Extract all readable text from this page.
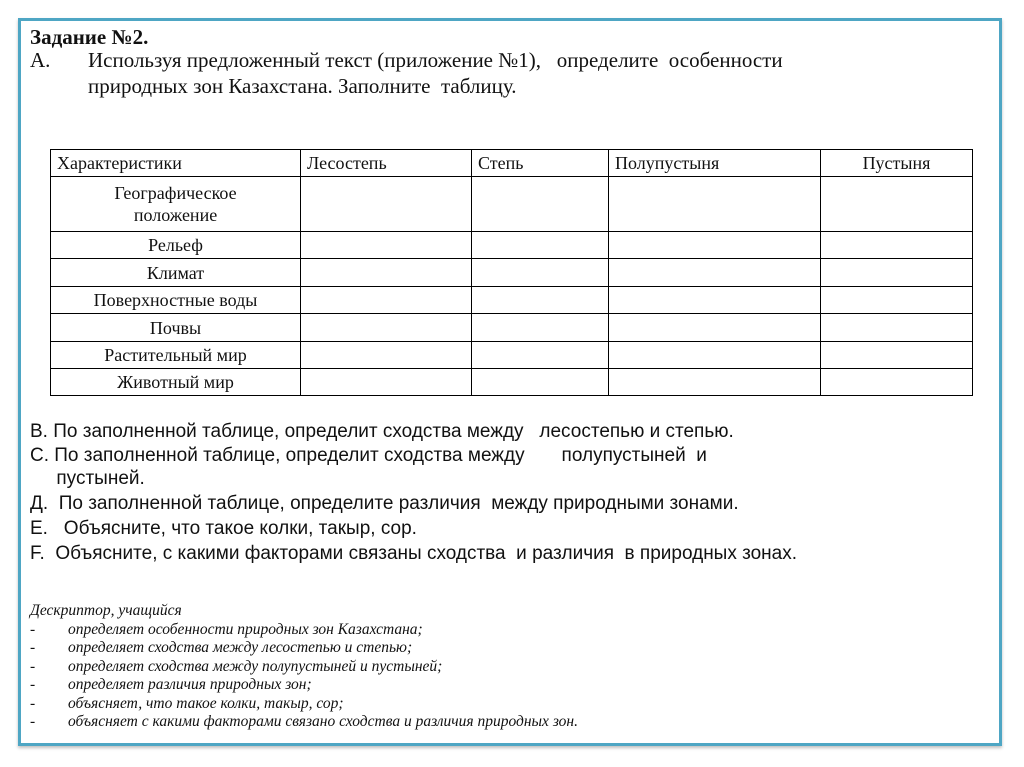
Задание №2.
А. Используя предложенный текст (приложение №1),   определите  особенности
природных зон Казахстана. Заполните  таблицу.
Характеристики	Лесостепь	Степь	Полупустыня	Пустыня
Географическое положение				
Рельеф				
Климат				
Поверхностные воды				
Почвы				
Растительный мир				
Животный мир				
В. По заполненной таблице, определит сходства между   лесостепью и степью.
С. По заполненной таблице, определит сходства между       полупустыней  и
пустыней.
Д.  По заполненной таблице, определите различия  между природными зонами.
Е.   Объясните, что такое колки, такыр, сор.
F.  Объясните, с какими факторами связаны сходства  и различия  в природных зонах.
Дескриптор, учащийся
-	определяет особенности природных зон Казахстана;
-	определяет сходства между лесостепью и степью;
-	определяет сходства между полупустыней и пустыней;
-	определяет различия природных зон;
-	объясняет, что такое колки, такыр, сор;
-	объясняет с какими факторами связано сходства и различия природных зон.
